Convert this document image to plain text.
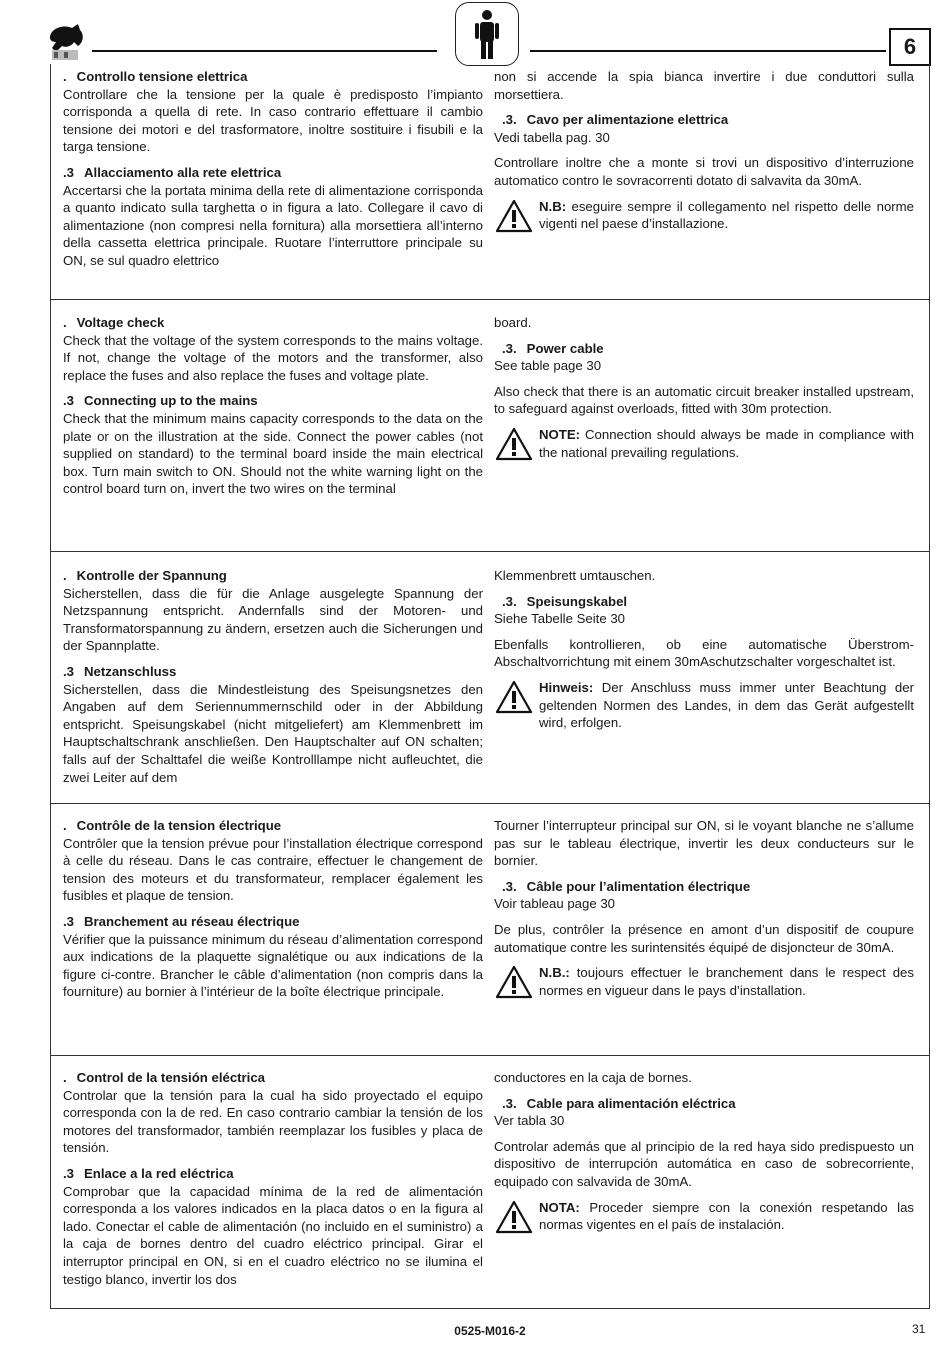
6

. Controllo tensione elettrica

Controllare che la tensione per la quale è predisposto l’impianto corrisponda a quella di rete. In caso contrario effettuare il cambio tensione dei motori e del trasformatore, inoltre sostituire i fisubili e la targa tensione.

.3 Allacciamento alla rete elettrica

Accertarsi che la portata minima della rete di alimentazione corrisponda a quanto indicato sulla targhetta o in figura a lato. Collegare il cavo di alimentazione (non compresi nella fornitura) alla morsettiera all’interno della cassetta elettrica principale. Ruotare l’interruttore principale su ON, se sul quadro elettrico

non si accende la spia bianca invertire i due conduttori sulla morsettiera.

.3. Cavo per alimentazione elettrica

Vedi tabella pag. 30

Controllare inoltre che a monte si trovi un dispositivo d’interruzione automatico contro le sovracorrenti dotato di salvavita da 30mA.

N.B: eseguire sempre il collegamento nel rispetto delle norme vigenti nel paese d’installazione.

. Voltage check

Check that the voltage of the system corresponds to the mains voltage. If not, change the voltage of the motors and the transformer, also replace the fuses and also replace the fuses and voltage plate.

.3 Connecting up to the mains

Check that the minimum mains capacity corresponds to the data on the plate or on the illustration at the side. Connect the power cables (not supplied on standard) to the terminal board inside the main electrical box. Turn main switch to ON. Should not the white warning light on the control board turn on, invert the two wires on the terminal

board.

.3. Power cable

See table page 30

Also check that there is an automatic circuit breaker installed upstream, to safeguard against overloads, fitted with 30m protection.

NOTE: Connection should always be made in compliance with the national prevailing regulations.

. Kontrolle der Spannung

Sicherstellen, dass die für die Anlage ausgelegte Spannung der Netzspannung entspricht. Andernfalls sind der Motoren- und Transformatorspannung zu ändern, ersetzen auch die Sicherungen und der Spannplatte.

.3 Netzanschluss

Sicherstellen, dass die Mindestleistung des Speisungsnetzes den Angaben auf dem Seriennummernschild oder in der Abbildung entspricht. Speisungskabel (nicht mitgeliefert) am Klemmenbrett im Hauptschaltschrank anschließen. Den Hauptschalter auf ON schalten; falls auf der Schalttafel die weiße Kontrolllampe nicht aufleuchtet, die zwei Leiter auf dem

Klemmenbrett umtauschen.

.3. Speisungskabel

Siehe Tabelle Seite 30

Ebenfalls kontrollieren, ob eine automatische Überstrom-Abschaltvorrichtung mit einem 30mAschutzschalter vorgeschaltet ist.

Hinweis: Der Anschluss muss immer unter Beachtung der geltenden Normen des Landes, in dem das Gerät aufgestellt wird, erfolgen.

. Contrôle de la tension électrique

Contrôler que la tension prévue pour l’installation électrique correspond à celle du réseau. Dans le cas contraire, effectuer le changement de tension des moteurs et du transformateur, remplacer également les fusibles et plaque de tension.

.3 Branchement au réseau électrique

Vérifier que la puissance minimum du réseau d’alimentation correspond aux indications de la plaquette signalétique ou aux indications de la figure ci-contre. Brancher le câble d’alimentation (non compris dans la fourniture) au bornier à l’intérieur de la boîte électrique principale.

Tourner l’interrupteur principal sur ON, si le voyant blanche ne s’allume pas sur le tableau électrique, invertir les deux conducteurs sur le bornier.

.3. Câble pour l’alimentation électrique

Voir tableau page 30

De plus, contrôler la présence en amont d’un dispositif de coupure automatique contre les surintensités équipé de disjoncteur de 30mA.

N.B.: toujours effectuer le branchement dans le respect des normes en vigueur dans le pays d’installation.

. Control de la tensión eléctrica

Controlar que la tensión para la cual ha sido proyectado el equipo corresponda con la de red. En caso contrario cambiar la tensión de los motores del transformador, también reemplazar los fusibles y placa de tensión.

.3 Enlace a la red eléctrica

Comprobar que la capacidad mínima de la red de alimentación corresponda a los valores indicados en la placa datos o en la figura al lado. Conectar el cable de alimentación (no incluido en el suministro) a la caja de bornes dentro del cuadro eléctrico principal. Girar el interruptor principal en ON, si en el cuadro eléctrico no se ilumina el testigo blanco, invertir los dos

conductores en la caja de bornes.

.3. Cable para alimentación eléctrica

Ver tabla 30

Controlar además que al principio de la red haya sido predispuesto un dispositivo de interrupción automática en caso de sobrecorriente, equipado con salvavida de 30mA.

NOTA: Proceder siempre con la conexión respetando las normas vigentes en el país de instalación.

0525-M016-2	31
